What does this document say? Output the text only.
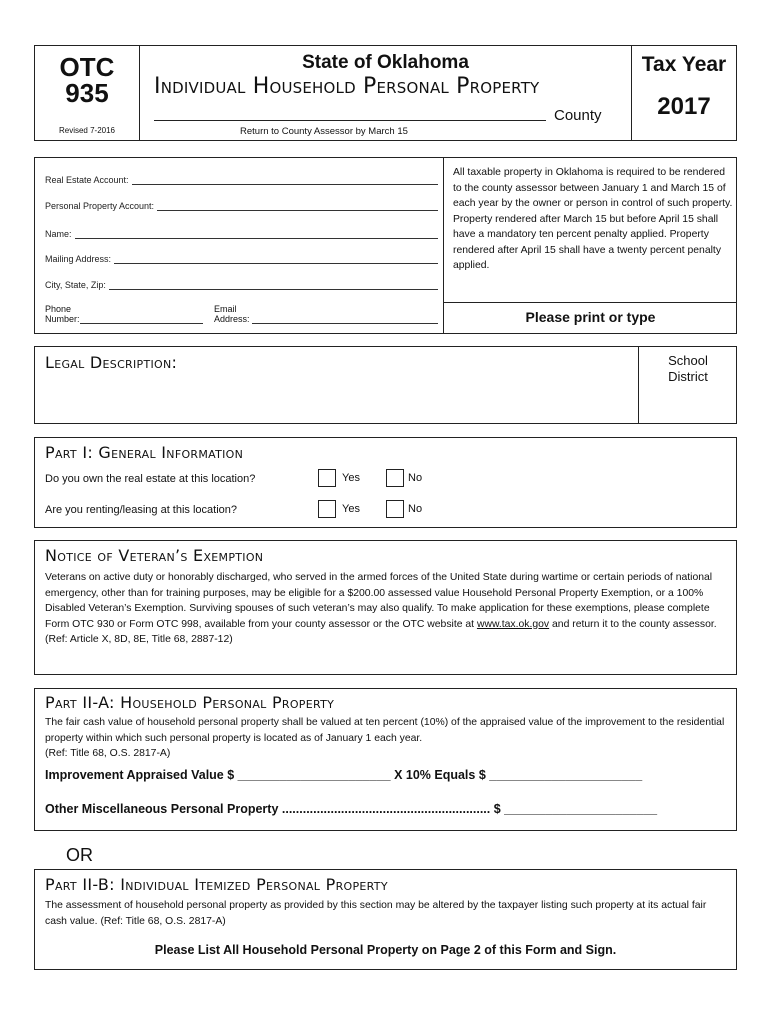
OTC
935
Revised 7-2016
State of Oklahoma
Individual Household Personal Property
County
Return to County Assessor by March 15
Tax Year
2017
Real Estate Account:
Personal Property Account:
Name:
Mailing Address:
City, State, Zip:
Phone
Number:
Email
Address:
All taxable property in Oklahoma is required to be rendered to the county assessor between January 1 and March 15 of each year by the owner or person in control of such property. Property rendered after March 15 but before April 15 shall have a mandatory ten percent penalty applied. Property rendered after April 15 shall have a twenty percent penalty applied.
Please print or type
Legal Description:	School
District
Part I: General Information
Do you own the real estate at this location?	Yes	No
Are you renting/leasing at this location?	Yes	No
Notice of Veteran’s Exemption
Veterans on active duty or honorably discharged, who served in the armed forces of the United State during wartime or certain periods of national emergency, other than for training purposes, may be eligible for a $200.00 assessed value Household Personal Property Exemption, or a 100% Disabled Veteran’s Exemption. Surviving spouses of such veteran’s may also qualify. To make application for these exemptions, please complete Form OTC 930 or Form OTC 998, available from your county assessor or the OTC website at www.tax.ok.gov and return it to the county assessor.
(Ref: Article X, 8D, 8E, Title 68, 2887-12)
Part II-A: Household Personal Property
The fair cash value of household personal property shall be valued at ten percent (10%) of the appraised value of the improvement to the residential property within which such personal property is located as of January 1 each year.
(Ref: Title 68, O.S. 2817-A)
Improvement Appraised Value $ ______________________ X 10% Equals $ ______________________
Other Miscellaneous Personal Property ............................................................ $ ______________________
OR
Part II-B: Individual Itemized Personal Property
The assessment of household personal property as provided by this section may be altered by the taxpayer listing such property at its actual fair cash value. (Ref: Title 68, O.S. 2817-A)
Please List All Household Personal Property on Page 2 of this Form and Sign.
